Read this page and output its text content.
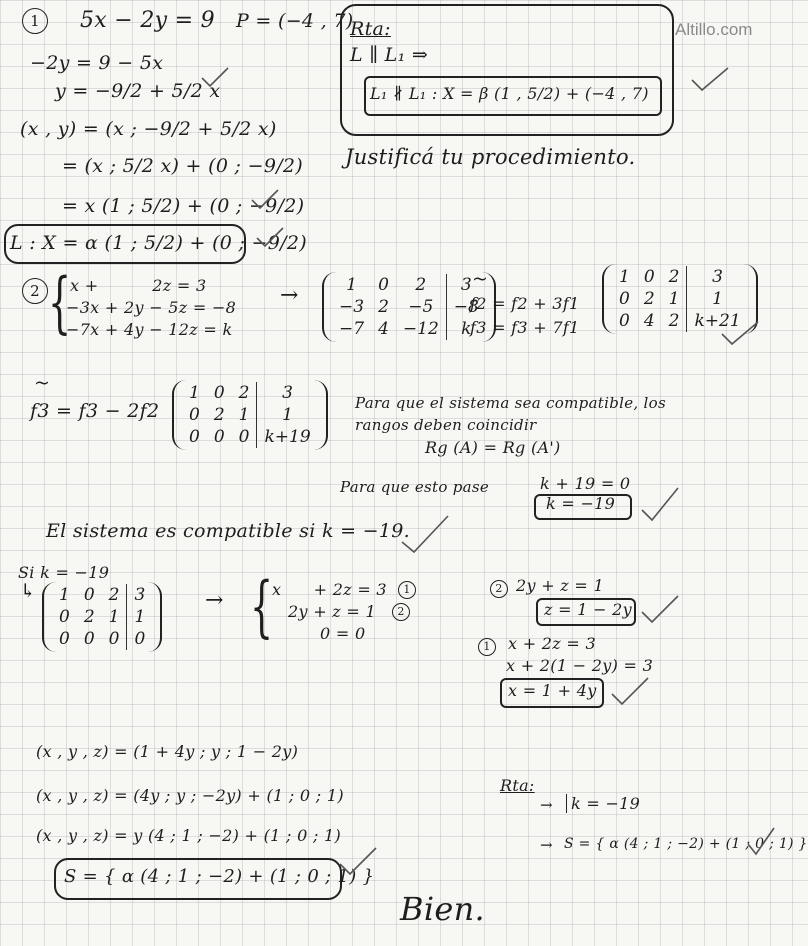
Altillo.com
1	5x − 2y = 9 P = (−4 , 7)
−2y = 9 − 5x
y = −9/2 + 5/2 x
(x , y) = (x ; −9/2 + 5/2 x)
= (x ; 5/2 x) + (0 ; −9/2)
= x (1 ; 5/2) + (0 ; −9/2)
L : X = α (1 ; 5/2) + (0 ; −9/2)
Rta:
L ∥ L₁ ⇒
L₁ ∦ L₁ : X = β (1 , 5/2) + (−4 , 7)
Justificá tu procedimiento.
2 {
x +          2z = 3
−3x + 2y − 5z = −8
−7x + 4y − 12z = k
→	1	0	2	3
−3	2	−5	−8
−7	4	−12	k
~
f2 = f2 + 3f1
f3 = f3 + 7f1
1	0	2	3
0	2	1	1
0	4	2	k+21
~
f3 = f3 − 2f2
1	0	2	3
0	2	1	1
0	0	0	k+19
Para que el sistema sea compatible, los
rangos deben coincidir
Rg (A) = Rg (A')
Para que esto pase	k + 19 = 0
k = −19
El sistema es compatible si k = −19.
Si k = −19
↳ 1	0	2	3
0	2	1	1
0	0	0	0
→ {
x      + 2z = 3
2y + z = 1
0 = 0
1
2
2 2y + z = 1
z = 1 − 2y
1	x + 2z = 3
x + 2(1 − 2y) = 3
x = 1 + 4y
(x , y , z) = (1 + 4y ; y ; 1 − 2y)
(x , y , z) = (4y ; y ; −2y) + (1 ; 0 ; 1)
(x , y , z) = y (4 ; 1 ; −2) + (1 ; 0 ; 1)
S = { α (4 ; 1 ; −2) + (1 ; 0 ; 1) }
Rta:
→	k = −19
→ S = { α (4 ; 1 ; −2) + (1 ; 0 ; 1) }
Bien.
